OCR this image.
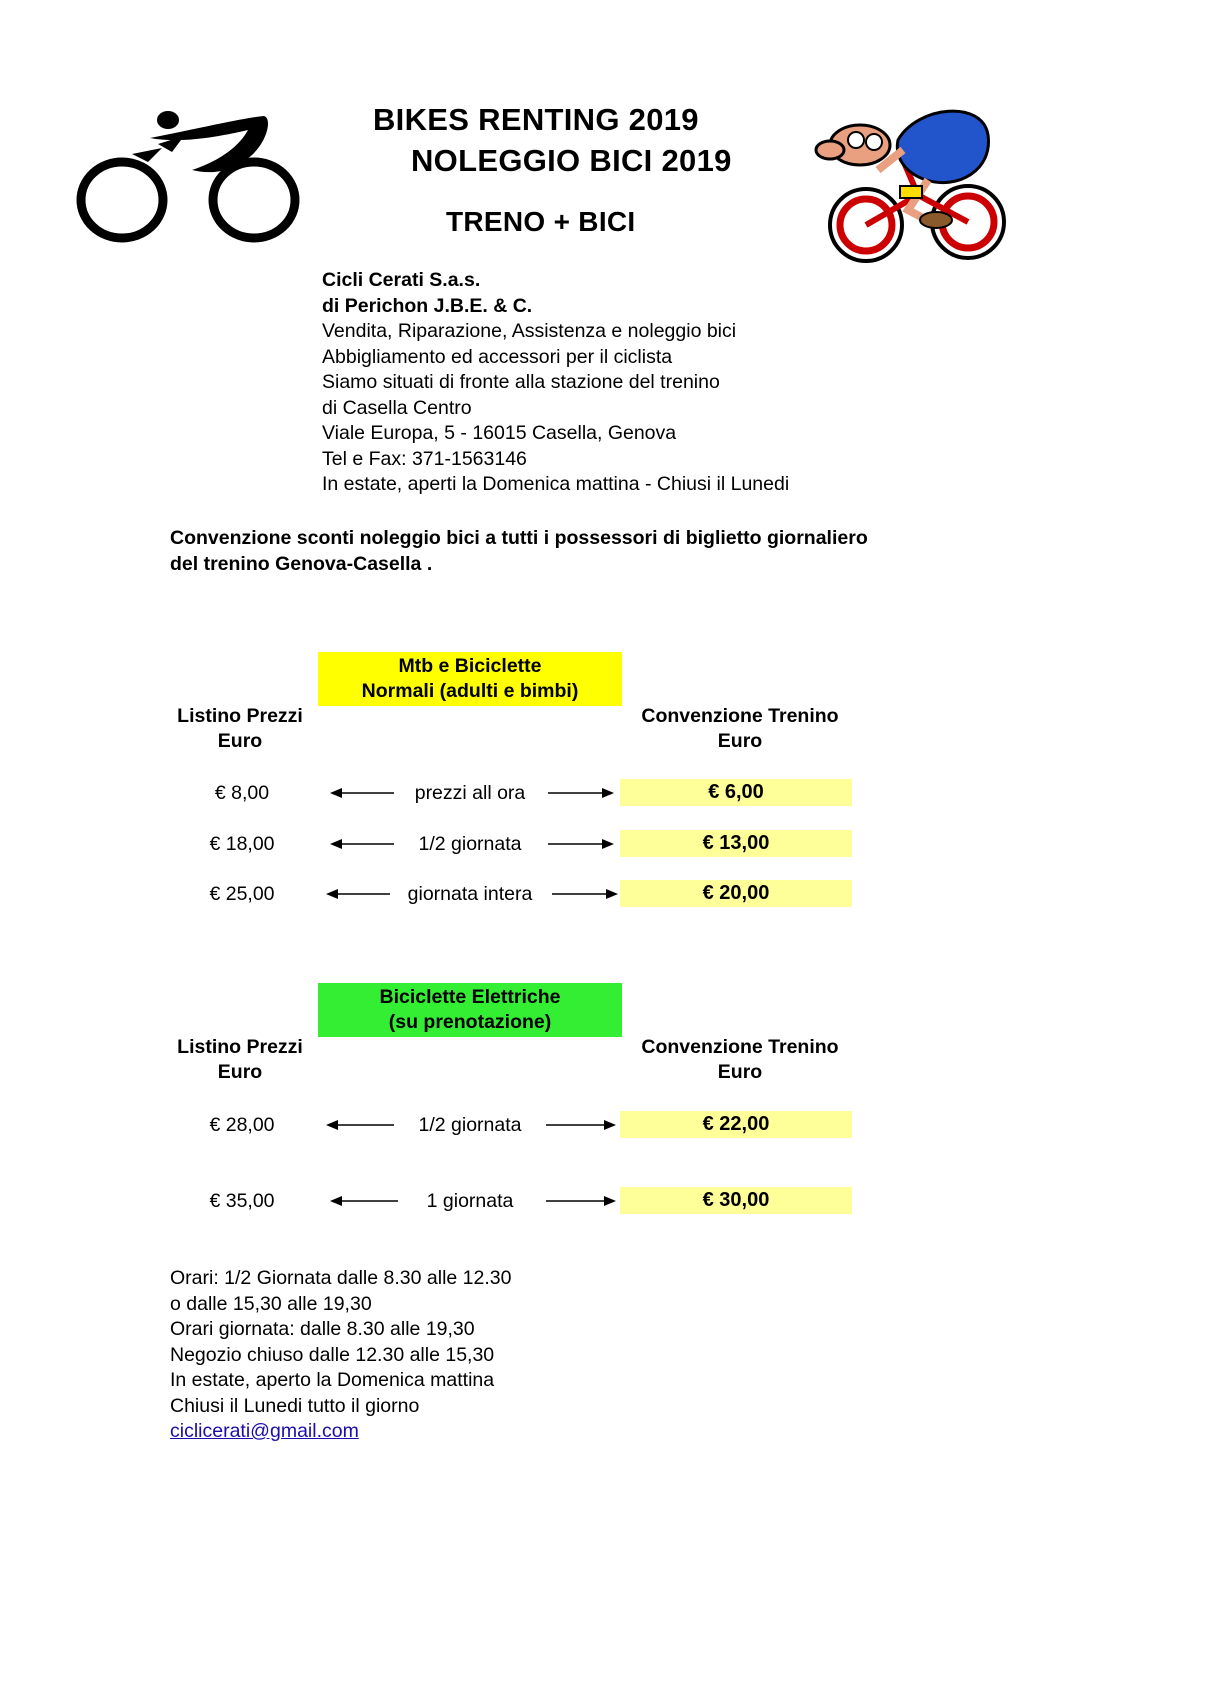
BIKES RENTING 2019
NOLEGGIO BICI 2019
TRENO + BICI
Cicli Cerati S.a.s.
di Perichon J.B.E. & C.
Vendita, Riparazione, Assistenza e noleggio bici
Abbigliamento ed accessori per il ciclista
Siamo situati di fronte alla stazione del trenino
di Casella Centro
Viale Europa, 5 - 16015 Casella, Genova
Tel e Fax: 371-1563146
In estate, aperti la Domenica mattina - Chiusi il Lunedi
Convenzione sconti noleggio bici a tutti i possessori di biglietto giornaliero
del trenino Genova-Casella .
Mtb e Biciclette
Normali (adulti e bimbi)
Listino Prezzi
Euro
Convenzione Trenino
Euro
€ 8,00	prezzi all ora	€ 6,00
€ 18,00	1/2 giornata	€ 13,00
€ 25,00	giornata intera	€ 20,00
Biciclette Elettriche
(su prenotazione)
Listino Prezzi
Euro
Convenzione Trenino
Euro
€ 28,00	1/2 giornata	€ 22,00
€ 35,00	1 giornata	€ 30,00
Orari: 1/2 Giornata dalle 8.30 alle 12.30
o dalle 15,30 alle 19,30
Orari giornata: dalle 8.30 alle 19,30
Negozio chiuso dalle 12.30 alle 15,30
In estate, aperto la Domenica mattina
Chiusi il Lunedi tutto il giorno
ciclicerati@gmail.com
